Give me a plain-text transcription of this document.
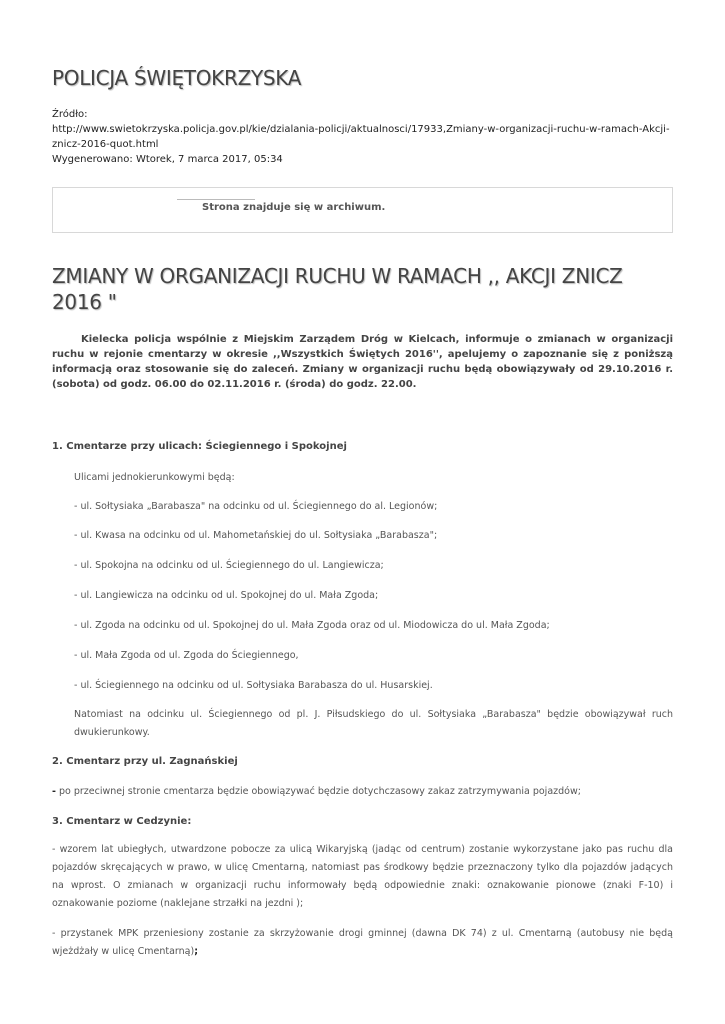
POLICJA ŚWIĘTOKRZYSKA
Źródło:
http://www.swietokrzyska.policja.gov.pl/kie/dzialania-policji/aktualnosci/17933,Zmiany-w-organizacji-ruchu-w-ramach-Akcji-znicz-2016-quot.html
Wygenerowano: Wtorek, 7 marca 2017, 05:34
Strona znajduje się w archiwum.
ZMIANY W ORGANIZACJI RUCHU W RAMACH ,, AKCJI ZNICZ 2016 "

Kielecka policja wspólnie z Miejskim Zarządem Dróg w Kielcach, informuje o zmianach w organizacji ruchu w rejonie cmentarzy w okresie ,,Wszystkich Świętych 2016'', apelujemy o zapoznanie się z poniższą informacją oraz stosowanie się do zaleceń. Zmiany w organizacji ruchu będą obowiązywały od 29.10.2016 r. (sobota) od godz. 06.00 do 02.11.2016 r. (środa) do godz. 22.00.

1. Cmentarze przy ulicach: Ściegiennego i Spokojnej

Ulicami jednokierunkowymi będą:

- ul. Sołtysiaka „Barabasza" na odcinku od ul. Ściegiennego do al. Legionów;

- ul. Kwasa na odcinku od ul. Mahometańskiej do ul. Sołtysiaka „Barabasza";

- ul. Spokojna na odcinku od ul. Ściegiennego do ul. Langiewicza;

- ul. Langiewicza na odcinku od ul. Spokojnej do ul. Mała Zgoda;

- ul. Zgoda na odcinku od ul. Spokojnej do ul. Mała Zgoda oraz od ul. Miodowicza do ul. Mała Zgoda;

- ul. Mała Zgoda od ul. Zgoda do Ściegiennego,

- ul. Ściegiennego na odcinku od ul. Sołtysiaka Barabasza do ul. Husarskiej.

Natomiast na odcinku ul. Ściegiennego od pl. J. Piłsudskiego do ul. Sołtysiaka „Barabasza" będzie obowiązywał ruch dwukierunkowy.

2. Cmentarz przy ul. Zagnańskiej

- po przeciwnej stronie cmentarza będzie obowiązywać będzie dotychczasowy zakaz zatrzymywania pojazdów;

3. Cmentarz w Cedzynie:

- wzorem lat ubiegłych, utwardzone pobocze za ulicą Wikaryjską (jadąc od centrum) zostanie wykorzystane jako pas ruchu dla pojazdów skręcających w prawo, w ulicę Cmentarną, natomiast pas środkowy będzie przeznaczony tylko dla pojazdów jadących na wprost. O zmianach w organizacji ruchu informowały będą odpowiednie znaki: oznakowanie pionowe (znaki F-10) i oznakowanie poziome (naklejane strzałki na jezdni );

- przystanek MPK przeniesiony zostanie za skrzyżowanie drogi gminnej (dawna DK 74) z ul. Cmentarną (autobusy nie będą wjeżdżały w ulicę Cmentarną);
